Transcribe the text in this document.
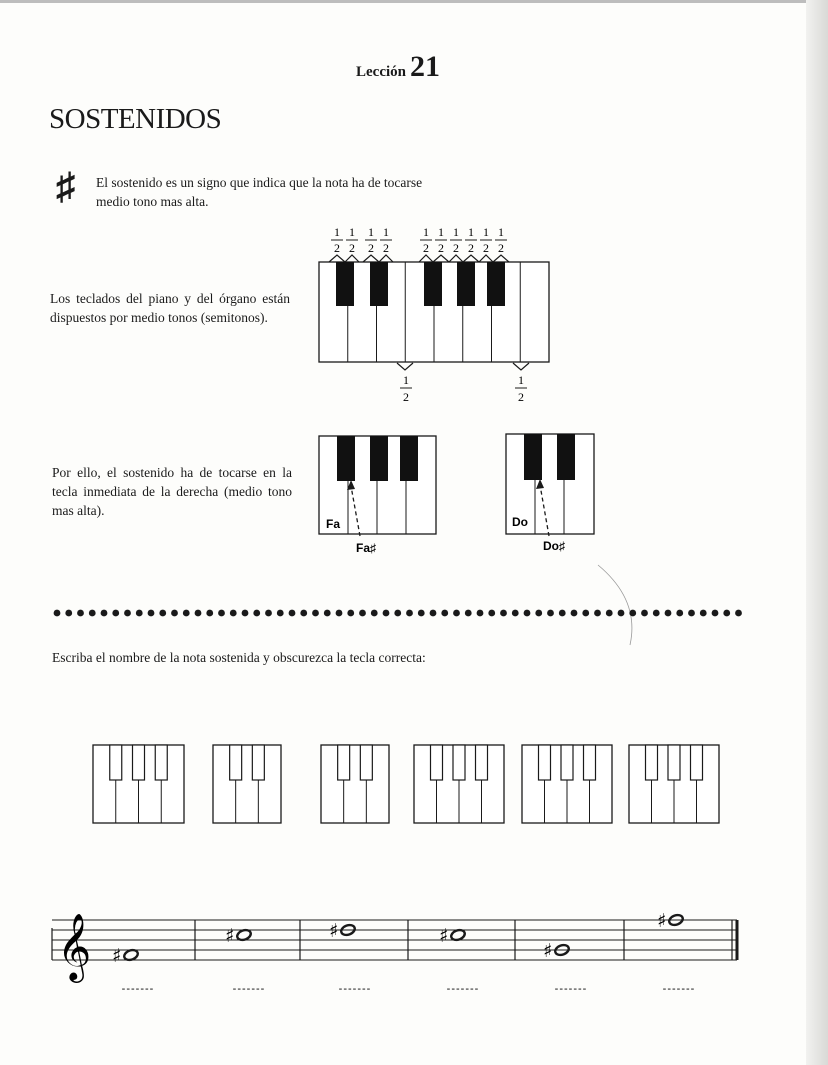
Lección 21
SOSTENIDOS
♯ El sostenido es un signo que indica que la nota ha de tocarse medio tono mas alta.
Los teclados del piano y del órgano están dispuestos por medio tonos (semitonos).
Por ello, el sostenido ha de tocarse en la tecla inmediata de la derecha (medio tono mas alta).
Escriba el nombre de la nota sostenida y obscurezca la tecla correcta:
1
2
1
2
1
2
1
2
1
2
1
2
1
2
1
2
1
2
1
2
1
2
1
2
Fa
Fa♯
Do
Do♯
𝄞 ♯
♯	♯	♯
♯
♯
-------	-------	-------	-------	-------	-------
